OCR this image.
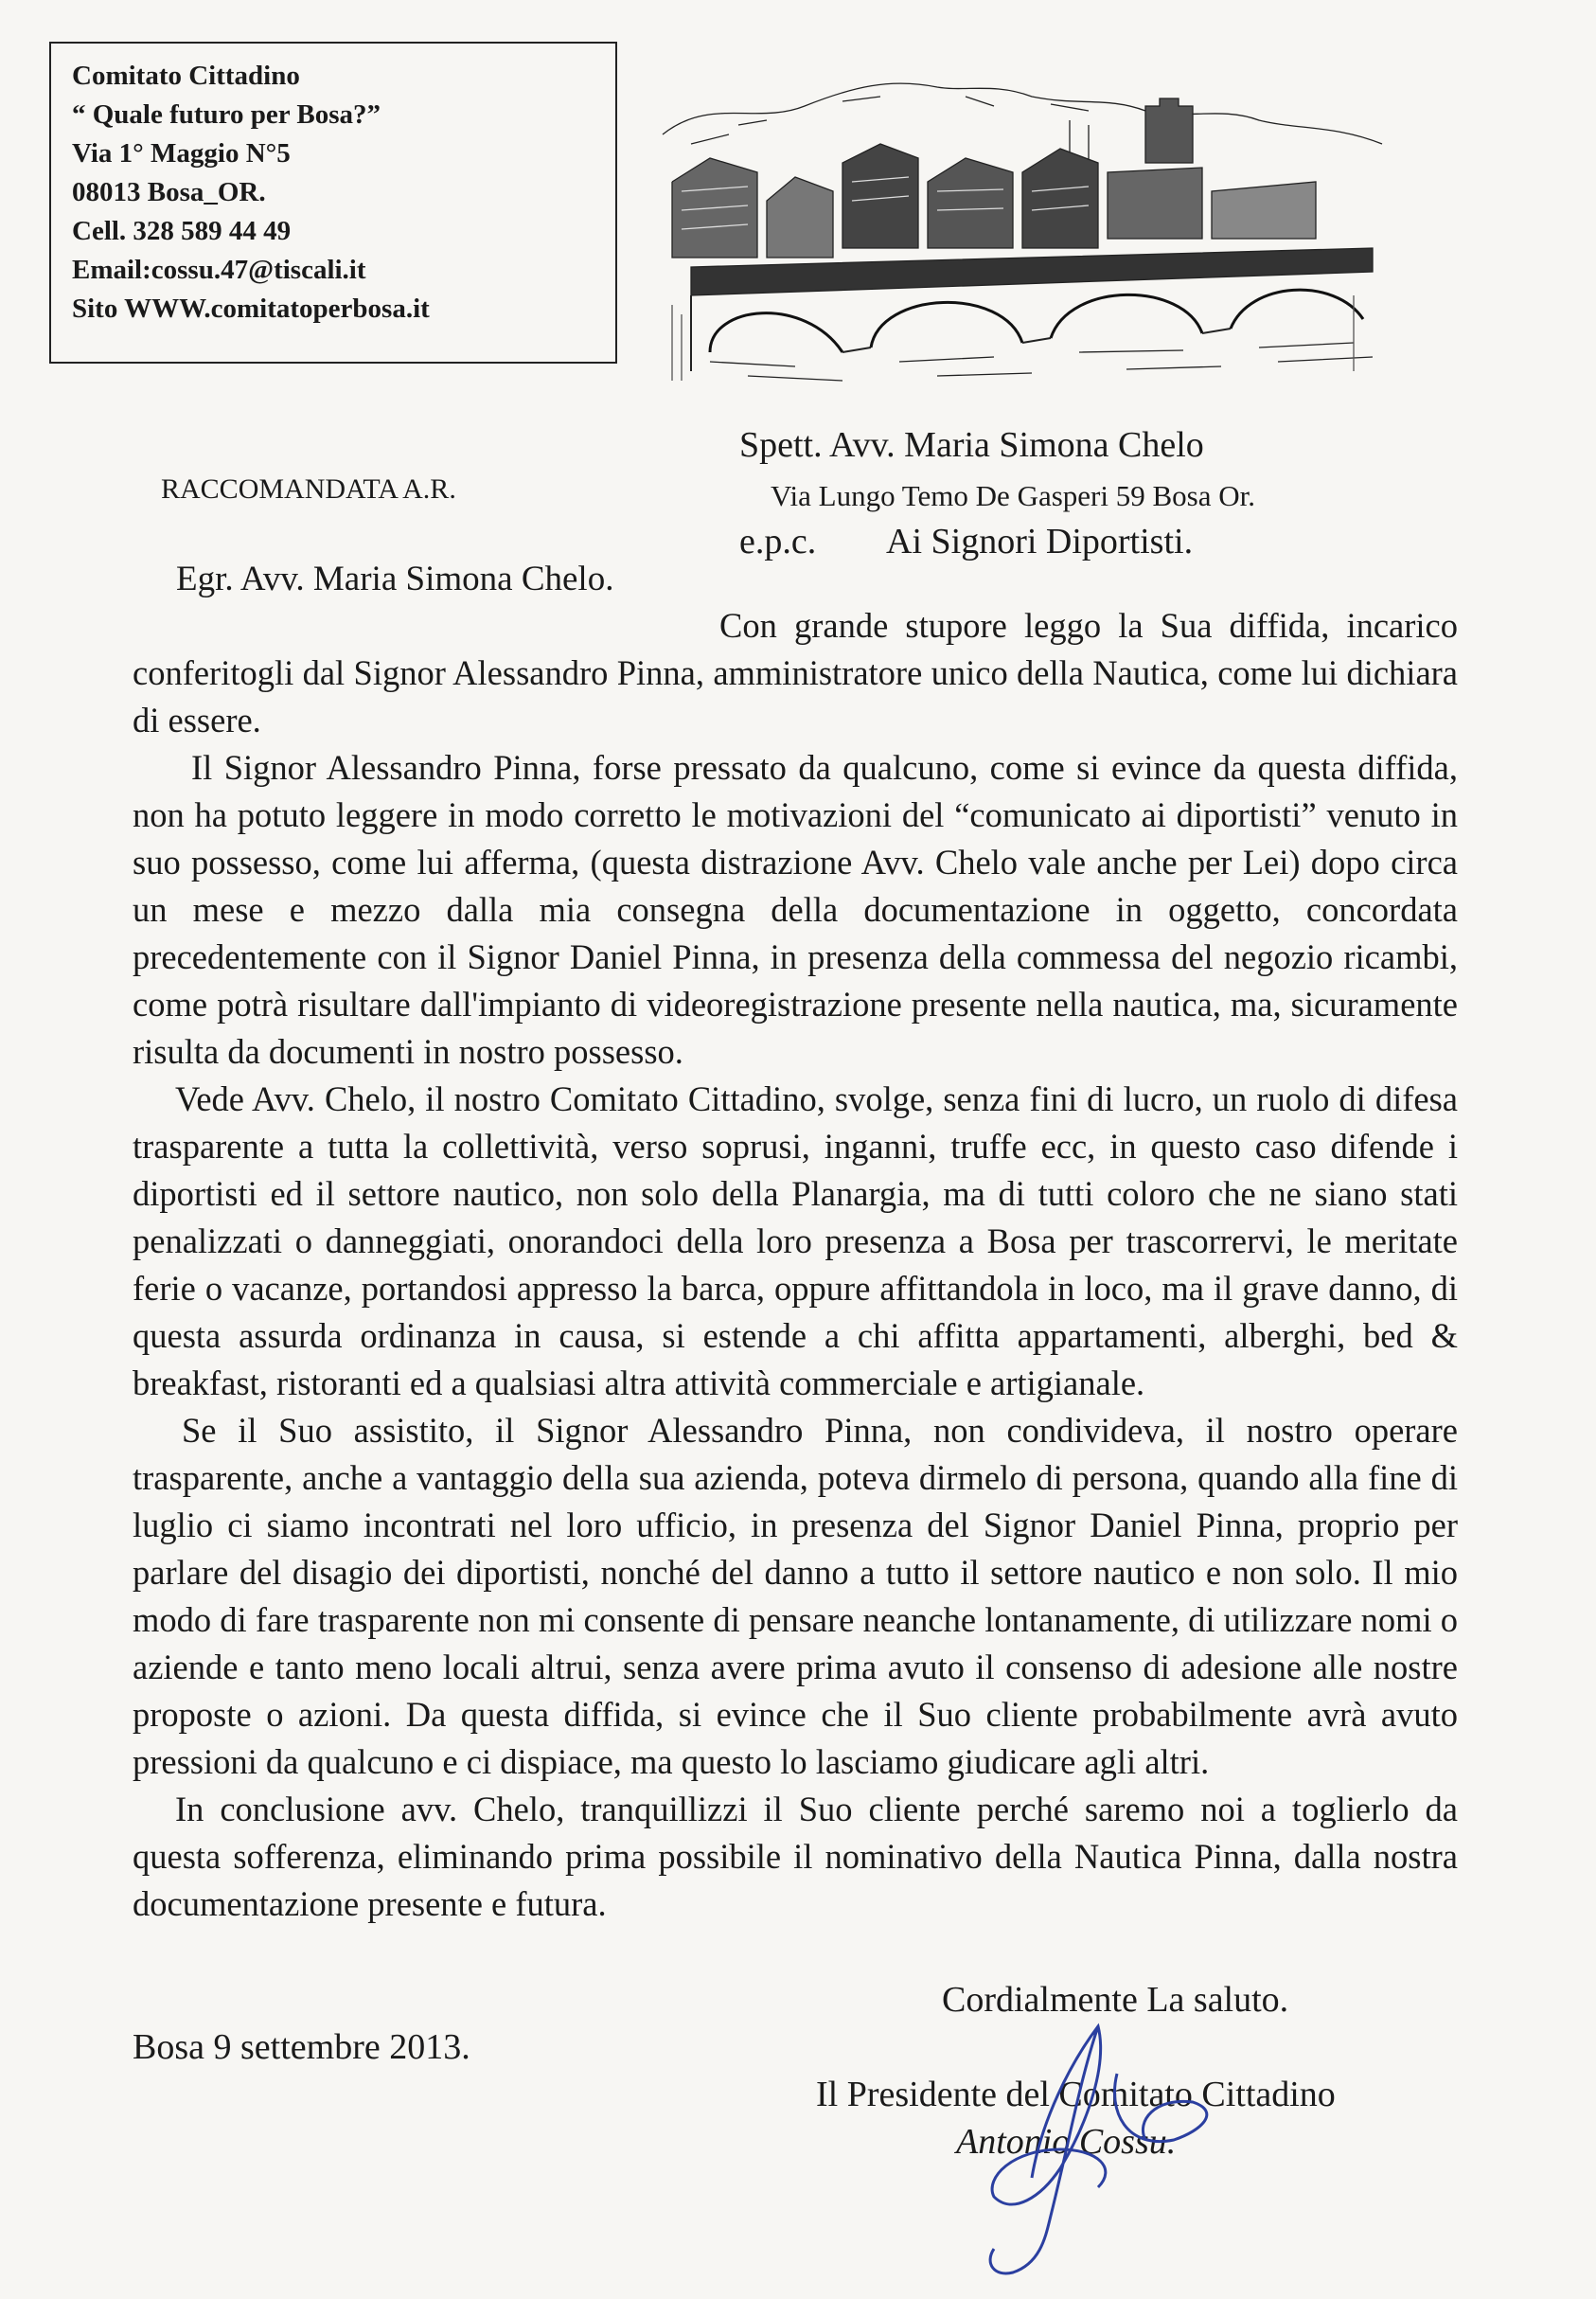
Comitato Cittadino
“ Quale futuro per Bosa?”
Via 1° Maggio N°5
08013 Bosa_OR.
Cell. 328 589 44 49
Email:cossu.47@tiscali.it
Sito WWW.comitatoperbosa.it
Spett. Avv. Maria Simona Chelo
Via Lungo Temo De Gasperi 59 Bosa Or.
e.p.c. Ai Signori Diportisti.
RACCOMANDATA A.R.
Egr. Avv. Maria Simona Chelo.

Con grande stupore leggo la Sua diffida, incarico conferitogli dal Signor Alessandro Pinna, amministratore unico della Nautica, come lui dichiara di essere.

Il Signor Alessandro Pinna, forse pressato da qualcuno, come si evince da questa diffida, non ha potuto leggere in modo corretto le motivazioni del “comunicato ai diportisti” venuto in suo possesso, come lui afferma, (questa distrazione Avv. Chelo vale anche per Lei) dopo circa un mese e mezzo dalla mia consegna della documentazione in oggetto, concordata precedentemente con il Signor Daniel Pinna, in presenza della commessa del negozio ricambi, come potrà risultare dall'impianto di videoregistrazione presente nella nautica, ma, sicuramente risulta da documenti in nostro possesso.

Vede Avv. Chelo, il nostro Comitato Cittadino, svolge, senza fini di lucro, un ruolo di difesa trasparente a tutta la collettività, verso soprusi, inganni, truffe ecc, in questo caso difende i diportisti ed il settore nautico, non solo della Planargia, ma di tutti coloro che ne siano stati penalizzati o danneggiati, onorandoci della loro presenza a Bosa per trascorrervi, le meritate ferie o vacanze, portandosi appresso la barca, oppure affittandola in loco, ma il grave danno, di questa assurda ordinanza in causa, si estende a chi affitta appartamenti, alberghi, bed & breakfast, ristoranti ed a qualsiasi altra attività commerciale e artigianale.

Se il Suo assistito, il Signor Alessandro Pinna, non condivideva, il nostro operare trasparente, anche a vantaggio della sua azienda, poteva dirmelo di persona, quando alla fine di luglio ci siamo incontrati nel loro ufficio, in presenza del Signor Daniel Pinna, proprio per parlare del disagio dei diportisti, nonché del danno a tutto il settore nautico e non solo. Il mio modo di fare trasparente non mi consente di pensare neanche lontanamente, di utilizzare nomi o aziende e tanto meno locali altrui, senza avere prima avuto il consenso di adesione alle nostre proposte o azioni. Da questa diffida, si evince che il Suo cliente probabilmente avrà avuto pressioni da qualcuno e ci dispiace, ma questo lo lasciamo giudicare agli altri.

In conclusione avv. Chelo, tranquillizzi il Suo cliente perché saremo noi a toglierlo da questa sofferenza, eliminando prima possibile il nominativo della Nautica Pinna, dalla nostra documentazione presente e futura.

Cordialmente La saluto.
Bosa 9 settembre 2013.
Il Presidente del Comitato Cittadino
Antonio Cossu.
